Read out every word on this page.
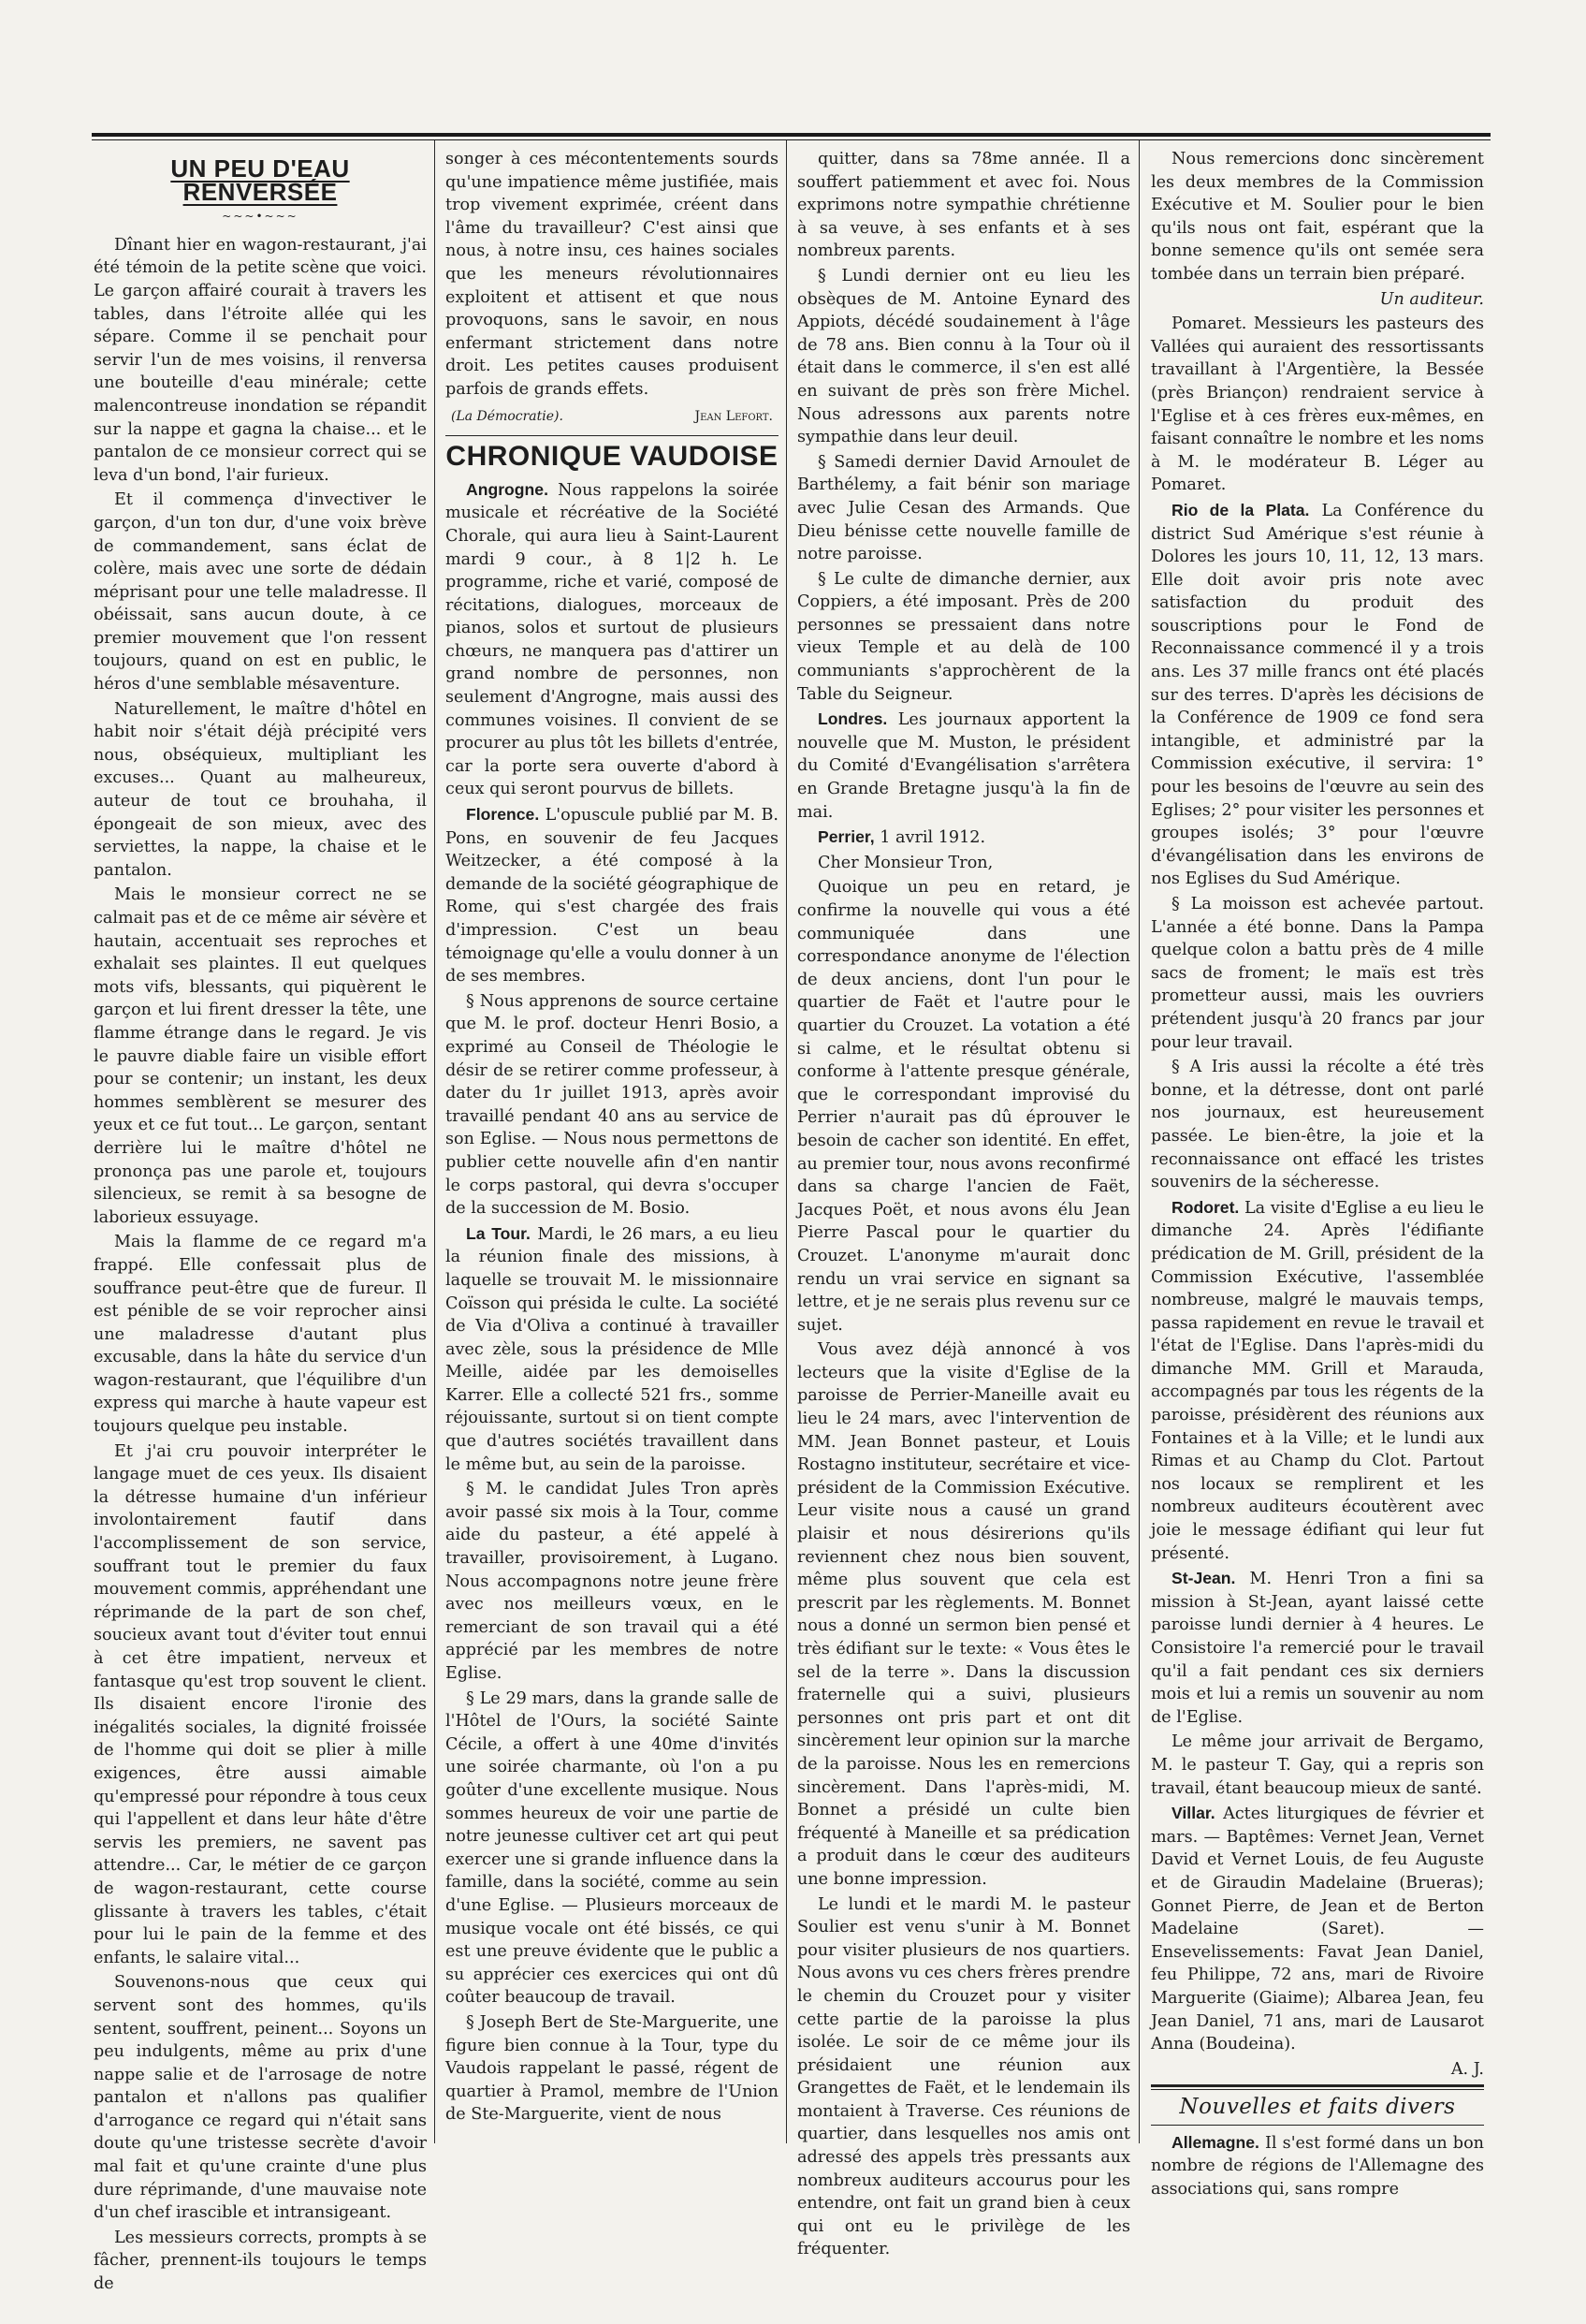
UN PEU D'EAU RENVERSÉE
~~~•~~~

Dînant hier en wagon-restaurant, j'ai été témoin de la petite scène que voici. Le garçon affairé courait à travers les tables, dans l'étroite allée qui les sépare. Comme il se penchait pour servir l'un de mes voisins, il renversa une bouteille d'eau minérale; cette malencontreuse inondation se répandit sur la nappe et gagna la chaise... et le pantalon de ce monsieur correct qui se leva d'un bond, l'air furieux.

Et il commença d'invectiver le garçon, d'un ton dur, d'une voix brève de commandement, sans éclat de colère, mais avec une sorte de dédain méprisant pour une telle maladresse. Il obéissait, sans aucun doute, à ce premier mouvement que l'on ressent toujours, quand on est en public, le héros d'une semblable mésaventure.

Naturellement, le maître d'hôtel en habit noir s'était déjà précipité vers nous, obséquieux, multipliant les excuses... Quant au malheureux, auteur de tout ce brouhaha, il épongeait de son mieux, avec des serviettes, la nappe, la chaise et le pantalon.

Mais le monsieur correct ne se calmait pas et de ce même air sévère et hautain, accentuait ses reproches et exhalait ses plaintes. Il eut quelques mots vifs, blessants, qui piquèrent le garçon et lui firent dresser la tête, une flamme étrange dans le regard. Je vis le pauvre diable faire un visible effort pour se contenir; un instant, les deux hommes semblèrent se mesurer des yeux et ce fut tout... Le garçon, sentant derrière lui le maître d'hôtel ne prononça pas une parole et, toujours silencieux, se remit à sa besogne de laborieux essuyage.

Mais la flamme de ce regard m'a frappé. Elle confessait plus de souffrance peut-être que de fureur. Il est pénible de se voir reprocher ainsi une maladresse d'autant plus excusable, dans la hâte du service d'un wagon-restaurant, que l'équilibre d'un express qui marche à haute vapeur est toujours quelque peu instable.

Et j'ai cru pouvoir interpréter le langage muet de ces yeux. Ils disaient la détresse humaine d'un inférieur involontairement fautif dans l'accomplissement de son service, souffrant tout le premier du faux mouvement commis, appréhendant une réprimande de la part de son chef, soucieux avant tout d'éviter tout ennui à cet être impatient, nerveux et fantasque qu'est trop souvent le client. Ils disaient encore l'ironie des inégalités sociales, la dignité froissée de l'homme qui doit se plier à mille exigences, être aussi aimable qu'empressé pour répondre à tous ceux qui l'appellent et dans leur hâte d'être servis les premiers, ne savent pas attendre... Car, le métier de ce garçon de wagon-restaurant, cette course glissante à travers les tables, c'était pour lui le pain de la femme et des enfants, le salaire vital...

Souvenons-nous que ceux qui servent sont des hommes, qu'ils sentent, souffrent, peinent... Soyons un peu indulgents, même au prix d'une nappe salie et de l'arrosage de notre pantalon et n'allons pas qualifier d'arrogance ce regard qui n'était sans doute qu'une tristesse secrète d'avoir mal fait et qu'une crainte d'une plus dure réprimande, d'une mauvaise note d'un chef irascible et intransigeant.

Les messieurs corrects, prompts à se fâcher, prennent-ils toujours le temps de

songer à ces mécontentements sourds qu'une impatience même justifiée, mais trop vivement exprimée, créent dans l'âme du travailleur? C'est ainsi que nous, à notre insu, ces haines sociales que les meneurs révolutionnaires exploitent et attisent et que nous provoquons, sans le savoir, en nous enfermant strictement dans notre droit. Les petites causes produisent parfois de grands effets.

(La Démocratie).	Jean Lefort.
CHRONIQUE VAUDOISE

Angrogne. Nous rappelons la soirée musicale et récréative de la Société Chorale, qui aura lieu à Saint-Laurent mardi 9 cour., à 8 1|2 h. Le programme, riche et varié, composé de récitations, dialogues, morceaux de pianos, solos et surtout de plusieurs chœurs, ne manquera pas d'attirer un grand nombre de personnes, non seulement d'Angrogne, mais aussi des communes voisines. Il convient de se procurer au plus tôt les billets d'entrée, car la porte sera ouverte d'abord à ceux qui seront pourvus de billets.

Florence. L'opuscule publié par M. B. Pons, en souvenir de feu Jacques Weitzecker, a été composé à la demande de la société géographique de Rome, qui s'est chargée des frais d'impression. C'est un beau témoignage qu'elle a voulu donner à un de ses membres.

§ Nous apprenons de source certaine que M. le prof. docteur Henri Bosio, a exprimé au Conseil de Théologie le désir de se retirer comme professeur, à dater du 1r juillet 1913, après avoir travaillé pendant 40 ans au service de son Eglise. — Nous nous permettons de publier cette nouvelle afin d'en nantir le corps pastoral, qui devra s'occuper de la succession de M. Bosio.

La Tour. Mardi, le 26 mars, a eu lieu la réunion finale des missions, à laquelle se trouvait M. le missionnaire Coïsson qui présida le culte. La société de Via d'Oliva a continué à travailler avec zèle, sous la présidence de Mlle Meille, aidée par les demoiselles Karrer. Elle a collecté 521 frs., somme réjouissante, surtout si on tient compte que d'autres sociétés travaillent dans le même but, au sein de la paroisse.

§ M. le candidat Jules Tron après avoir passé six mois à la Tour, comme aide du pasteur, a été appelé à travailler, provisoirement, à Lugano. Nous accompagnons notre jeune frère avec nos meilleurs vœux, en le remerciant de son travail qui a été apprécié par les membres de notre Eglise.

§ Le 29 mars, dans la grande salle de l'Hôtel de l'Ours, la société Sainte Cécile, a offert à une 40me d'invités une soirée charmante, où l'on a pu goûter d'une excellente musique. Nous sommes heureux de voir une partie de notre jeunesse cultiver cet art qui peut exercer une si grande influence dans la famille, dans la société, comme au sein d'une Eglise. — Plusieurs morceaux de musique vocale ont été bissés, ce qui est une preuve évidente que le public a su apprécier ces exercices qui ont dû coûter beaucoup de travail.

§ Joseph Bert de Ste-Marguerite, une figure bien connue à la Tour, type du Vaudois rappelant le passé, régent de quartier à Pramol, membre de l'Union de Ste-Marguerite, vient de nous

quitter, dans sa 78me année. Il a souffert patiemment et avec foi. Nous exprimons notre sympathie chrétienne à sa veuve, à ses enfants et à ses nombreux parents.

§ Lundi dernier ont eu lieu les obsèques de M. Antoine Eynard des Appiots, décédé soudainement à l'âge de 78 ans. Bien connu à la Tour où il était dans le commerce, il s'en est allé en suivant de près son frère Michel. Nous adressons aux parents notre sympathie dans leur deuil.

§ Samedi dernier David Arnoulet de Barthélemy, a fait bénir son mariage avec Julie Cesan des Armands. Que Dieu bénisse cette nouvelle famille de notre paroisse.

§ Le culte de dimanche dernier, aux Coppiers, a été imposant. Près de 200 personnes se pressaient dans notre vieux Temple et au delà de 100 communiants s'approchèrent de la Table du Seigneur.

Londres. Les journaux apportent la nouvelle que M. Muston, le président du Comité d'Evangélisation s'arrêtera en Grande Bretagne jusqu'à la fin de mai.

Perrier, 1 avril 1912.

Cher Monsieur Tron,

Quoique un peu en retard, je confirme la nouvelle qui vous a été communiquée dans une correspondance anonyme de l'élection de deux anciens, dont l'un pour le quartier de Faët et l'autre pour le quartier du Crouzet. La votation a été si calme, et le résultat obtenu si conforme à l'attente presque générale, que le correspondant improvisé du Perrier n'aurait pas dû éprouver le besoin de cacher son identité. En effet, au premier tour, nous avons reconfirmé dans sa charge l'ancien de Faët, Jacques Poët, et nous avons élu Jean Pierre Pascal pour le quartier du Crouzet. L'anonyme m'aurait donc rendu un vrai service en signant sa lettre, et je ne serais plus revenu sur ce sujet.

Vous avez déjà annoncé à vos lecteurs que la visite d'Eglise de la paroisse de Perrier-Maneille avait eu lieu le 24 mars, avec l'intervention de MM. Jean Bonnet pasteur, et Louis Rostagno instituteur, secrétaire et vice-président de la Commission Exécutive. Leur visite nous a causé un grand plaisir et nous désirerions qu'ils reviennent chez nous bien souvent, même plus souvent que cela est prescrit par les règlements. M. Bonnet nous a donné un sermon bien pensé et très édifiant sur le texte: « Vous êtes le sel de la terre ». Dans la discussion fraternelle qui a suivi, plusieurs personnes ont pris part et ont dit sincèrement leur opinion sur la marche de la paroisse. Nous les en remercions sincèrement. Dans l'après-midi, M. Bonnet a présidé un culte bien fréquenté à Maneille et sa prédication a produit dans le cœur des auditeurs une bonne impression.

Le lundi et le mardi M. le pasteur Soulier est venu s'unir à M. Bonnet pour visiter plusieurs de nos quartiers. Nous avons vu ces chers frères prendre le chemin du Crouzet pour y visiter cette partie de la paroisse la plus isolée. Le soir de ce même jour ils présidaient une réunion aux Grangettes de Faët, et le lendemain ils montaient à Traverse. Ces réunions de quartier, dans lesquelles nos amis ont adressé des appels très pressants aux nombreux auditeurs accourus pour les entendre, ont fait un grand bien à ceux qui ont eu le privilège de les fréquenter.

Nous remercions donc sincèrement les deux membres de la Commission Exécutive et M. Soulier pour le bien qu'ils nous ont fait, espérant que la bonne semence qu'ils ont semée sera tombée dans un terrain bien préparé.

Un auditeur.

Pomaret. Messieurs les pasteurs des Vallées qui auraient des ressortissants travaillant à l'Argentière, la Bessée (près Briançon) rendraient service à l'Eglise et à ces frères eux-mêmes, en faisant connaître le nombre et les noms à M. le modérateur B. Léger au Pomaret.

Rio de la Plata. La Conférence du district Sud Amérique s'est réunie à Dolores les jours 10, 11, 12, 13 mars. Elle doit avoir pris note avec satisfaction du produit des souscriptions pour le Fond de Reconnaissance commencé il y a trois ans. Les 37 mille francs ont été placés sur des terres. D'après les décisions de la Conférence de 1909 ce fond sera intangible, et administré par la Commission exécutive, il servira: 1° pour les besoins de l'œuvre au sein des Eglises; 2° pour visiter les personnes et groupes isolés; 3° pour l'œuvre d'évangélisation dans les environs de nos Eglises du Sud Amérique.

§ La moisson est achevée partout. L'année a été bonne. Dans la Pampa quelque colon a battu près de 4 mille sacs de froment; le maïs est très prometteur aussi, mais les ouvriers prétendent jusqu'à 20 francs par jour pour leur travail.

§ A Iris aussi la récolte a été très bonne, et la détresse, dont ont parlé nos journaux, est heureusement passée. Le bien-être, la joie et la reconnaissance ont effacé les tristes souvenirs de la sécheresse.

Rodoret. La visite d'Eglise a eu lieu le dimanche 24. Après l'édifiante prédication de M. Grill, président de la Commission Exécutive, l'assemblée nombreuse, malgré le mauvais temps, passa rapidement en revue le travail et l'état de l'Eglise. Dans l'après-midi du dimanche MM. Grill et Marauda, accompagnés par tous les régents de la paroisse, présidèrent des réunions aux Fontaines et à la Ville; et le lundi aux Rimas et au Champ du Clot. Partout nos locaux se remplirent et les nombreux auditeurs écoutèrent avec joie le message édifiant qui leur fut présenté.

St-Jean. M. Henri Tron a fini sa mission à St-Jean, ayant laissé cette paroisse lundi dernier à 4 heures. Le Consistoire l'a remercié pour le travail qu'il a fait pendant ces six derniers mois et lui a remis un souvenir au nom de l'Eglise.

Le même jour arrivait de Bergamo, M. le pasteur T. Gay, qui a repris son travail, étant beaucoup mieux de santé.

Villar. Actes liturgiques de février et mars. — Baptêmes: Vernet Jean, Vernet David et Vernet Louis, de feu Auguste et de Giraudin Madelaine (Brueras); Gonnet Pierre, de Jean et de Berton Madelaine (Saret). — Ensevelissements: Favat Jean Daniel, feu Philippe, 72 ans, mari de Rivoire Marguerite (Giaime); Albarea Jean, feu Jean Daniel, 71 ans, mari de Lausarot Anna (Boudeina).

A. J.

Nouvelles et faits divers

Allemagne. Il s'est formé dans un bon nombre de régions de l'Allemagne des associations qui, sans rompre
